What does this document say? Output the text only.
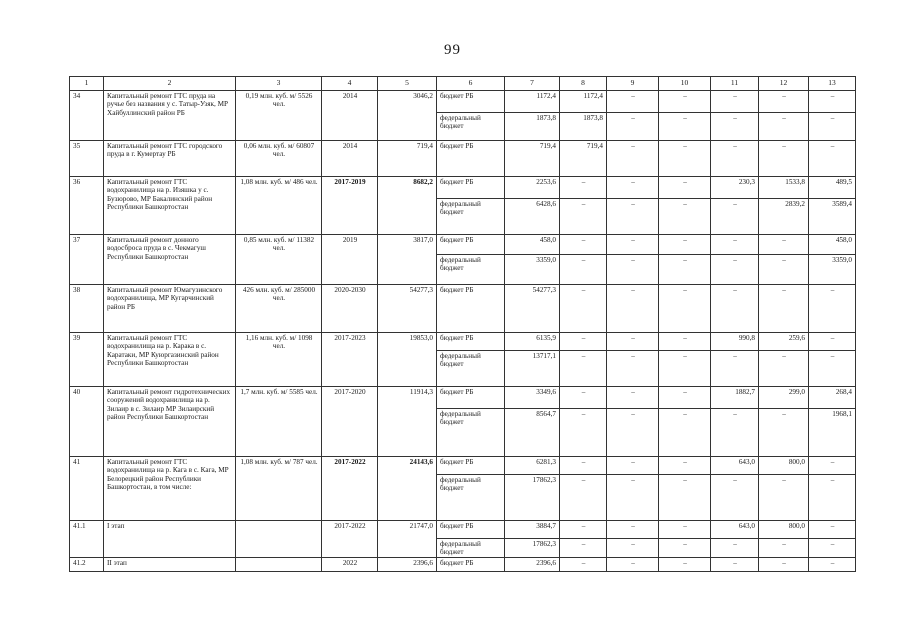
99
1	2	3	4	5	6	7	8	9	10	11	12	13
34	Капитальный ремонт ГТС пруда на ручье без названия у с. Татыр-Узяк, МР Хайбуллинский район РБ	0,19 млн. куб. м/ 5526 чел.	2014	3046,2	бюджет РБ	1172,4	1172,4	–	–	–	–	–
					федеральный бюджет	1873,8	1873,8	–	–	–	–	–
35	Капитальный ремонт ГТС городского пруда в г. Кумертау РБ	0,06 млн. куб. м/ 60807 чел.	2014	719,4	бюджет РБ	719,4	719,4	–	–	–	–	–
36	Капитальный ремонт ГТС водохранилища на р. Изяшка у с. Бузюрово, МР Бакалинский район Республики Башкортостан	1,08 млн. куб. м/ 486 чел.	2017-2019	8682,2	бюджет РБ	2253,6	–	–	–	230,3	1533,8	489,5
					федеральный бюджет	6428,6	–	–	–	–	2839,2	3589,4
37	Капитальный ремонт донного водосброса пруда в с. Чекмагуш Республики Башкортостан	0,85 млн. куб. м/ 11382 чел.	2019	3817,0	бюджет РБ	458,0	–	–	–	–	–	458,0
					федеральный бюджет	3359,0	–	–	–	–	–	3359,0
38	Капитальный ремонт Юмагузинского водохранилища, МР Кугарчинский район РБ	426 млн. куб. м/ 285000 чел.	2020-2030	54277,3	бюджет РБ	54277,3	–	–	–	–	–	–
39	Капитальный ремонт ГТС водохранилища на р. Карака в с. Каратаки, МР Куюргазинский район Республики Башкортостан	1,16 млн. куб. м/ 1098 чел.	2017-2023	19853,0	бюджет РБ	6135,9	–	–	–	990,8	259,6	–
					федеральный бюджет	13717,1	–	–	–	–	–	–
40	Капитальный ремонт гидротехнических сооружений водохранилища на р. Зилаир в с. Зилаир МР Зилаирский район Республики Башкортостан	1,7 млн. куб. м/ 5585 чел.	2017-2020	11914,3	бюджет РБ	3349,6	–	–	–	1882,7	299,0	268,4
					федеральный бюджет	8564,7	–	–	–	–	–	1968,1
41	Капитальный ремонт ГТС водохранилища на р. Кага в с. Кага, МР Белорецкий район Республики Башкортостан, в том числе:	1,08 млн. куб. м/ 787 чел.	2017-2022	24143,6	бюджет РБ	6281,3	–	–	–	643,0	800,0	–
					федеральный бюджет	17862,3	–	–	–	–	–	–
41.1	I этап		2017-2022	21747,0	бюджет РБ	3884,7	–	–	–	643,0	800,0	–
					федеральный бюджет	17862,3	–	–	–	–	–	–
41.2	II этап		2022	2396,6	бюджет РБ	2396,6	–	–	–	–	–	–
